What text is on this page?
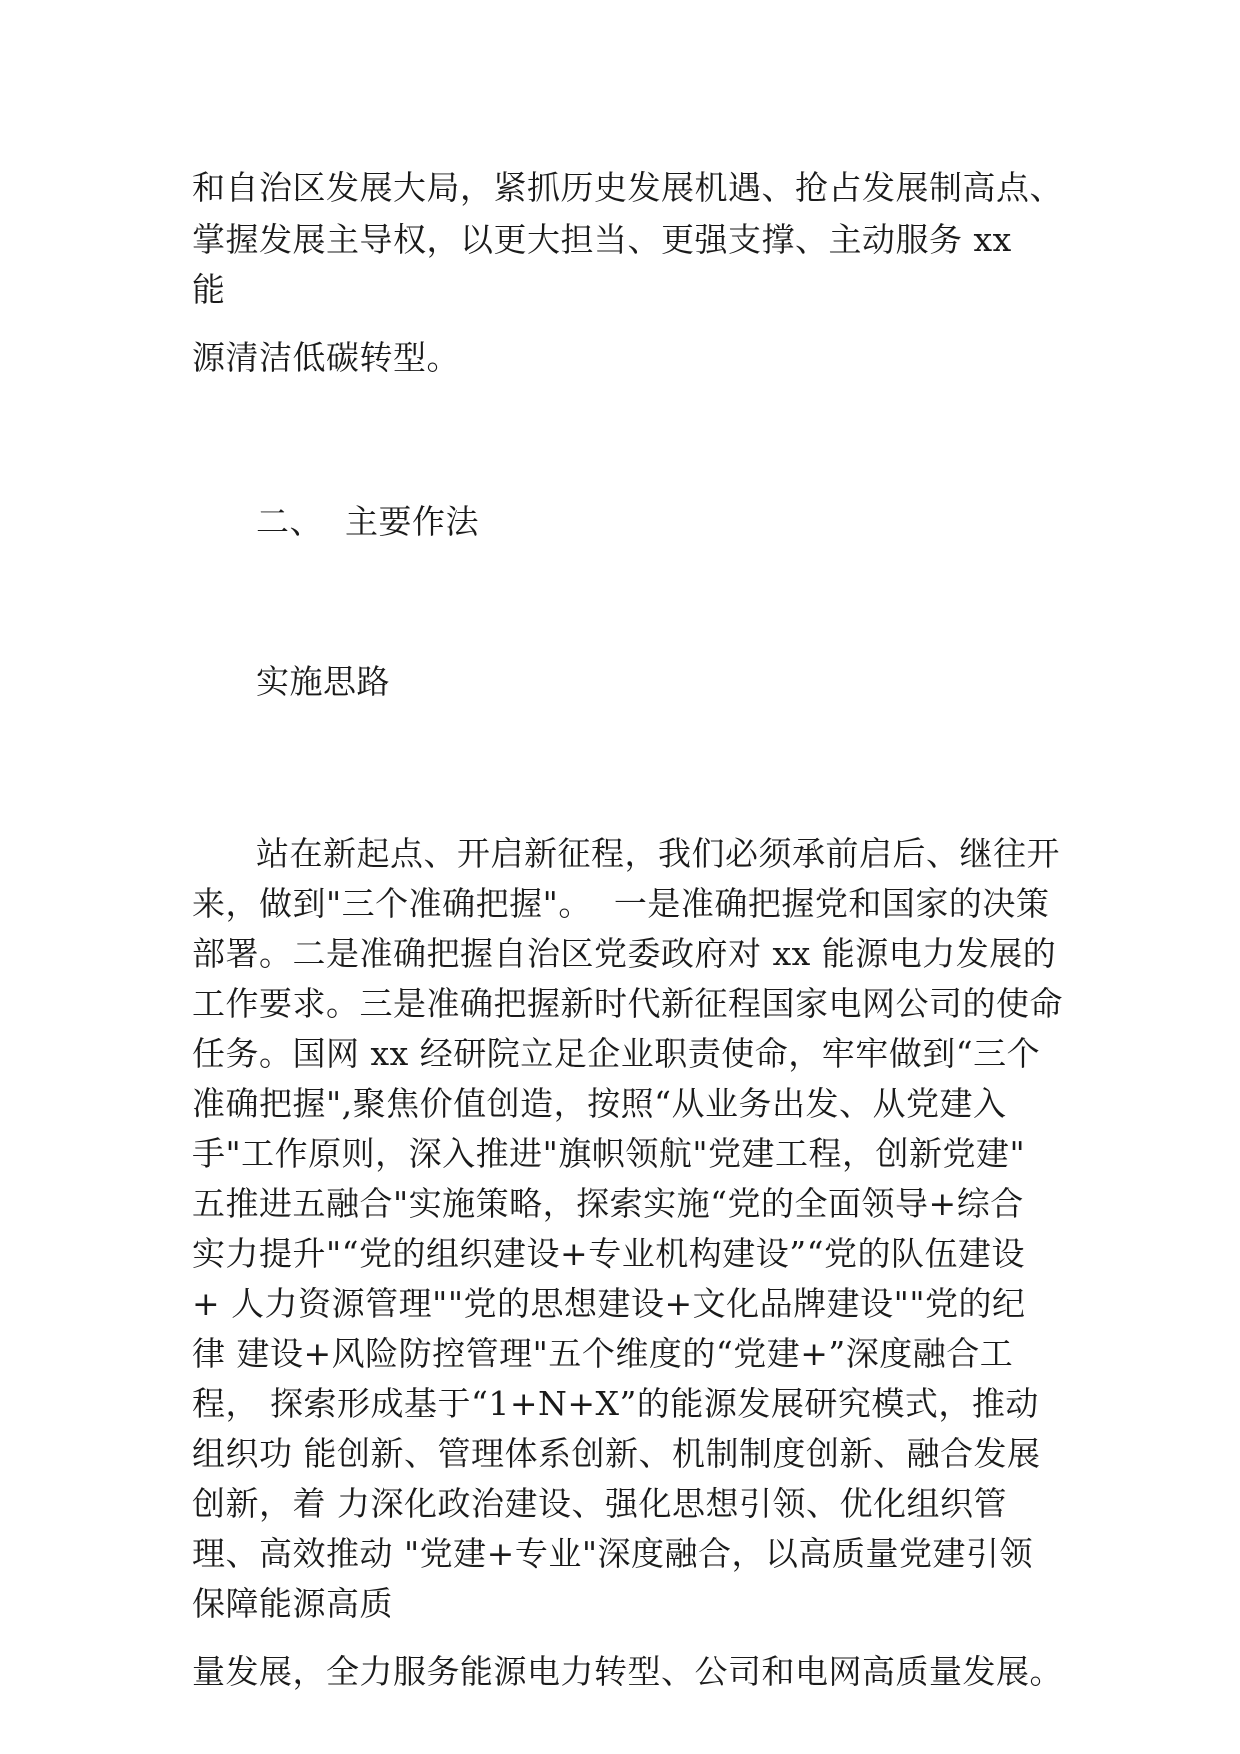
和自治区发展大局，紧抓历史发展机遇、抢占发展制高点、
掌握发展主导权，以更大担当、更强支撑、主动服务 xx
能
源清洁低碳转型。
二、  主要作法
实施思路
站在新起点、开启新征程，我们必须承前启后、继往开
来，做到"三个准确把握"。  一是准确把握党和国家的决策
部署。二是准确把握自治区党委政府对 xx 能源电力发展的
工作要求。三是准确把握新时代新征程国家电网公司的使命
任务。国网 xx 经研院立足企业职责使命，牢牢做到“三个
准确把握",聚焦价值创造，按照“从业务出发、从党建入
手"工作原则，深入推进"旗帜领航"党建工程，创新党建"
五推进五融合"实施策略，探索实施“党的全面领导+综合
实力提升"“党的组织建设+专业机构建设”“党的队伍建设
+ 人力资源管理""党的思想建设+文化品牌建设""党的纪
律 建设+风险防控管理"五个维度的“党建+”深度融合工
程， 探索形成基于“1+N+X”的能源发展研究模式，推动
组织功 能创新、管理体系创新、机制制度创新、融合发展
创新，着 力深化政治建设、强化思想引领、优化组织管
理、高效推动 "党建+专业"深度融合，以高质量党建引领
保障能源高质
量发展，全力服务能源电力转型、公司和电网高质量发展。
